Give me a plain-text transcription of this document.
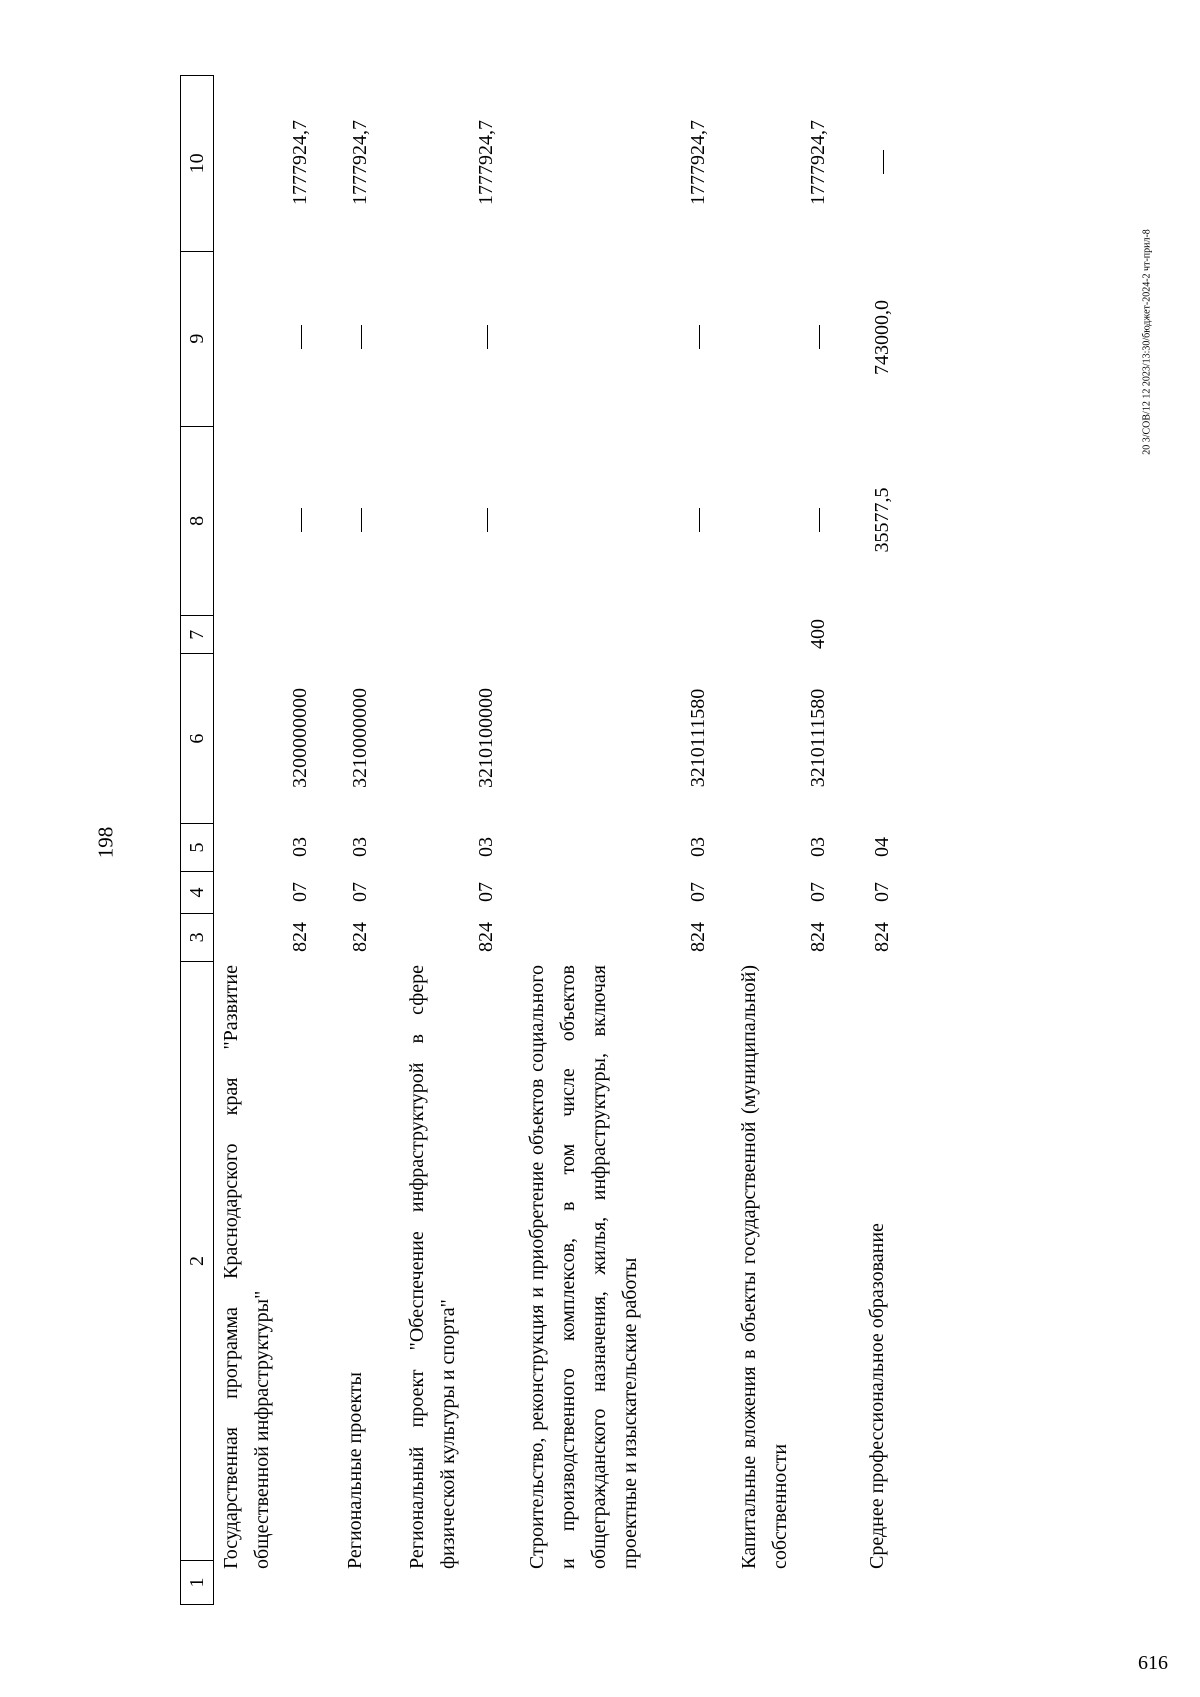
198
616
20 3/СОВ/12 12 2023/13:30/бюджет-2024-2 чт-прил-8
1
2
3
4
5
6
7
8
9
10
Государственная программа Краснодарского края "Развитие общественной инфраструктуры"
824
07
03
3200000000
1777924,7
Региональные проекты
824
07
03
3210000000
1777924,7
Региональный проект "Обеспечение инфраструктурой в сфере физической культуры и спорта"
824
07
03
3210100000
1777924,7
Строительство, реконструкция и приобретение объектов социального и производственного комплексов, в том числе объектов общегражданского назначения, жилья, инфраструктуры, включая проектные и изыскательские работы
824
07
03
3210111580
1777924,7
Капитальные вложения в объекты государственной (муниципальной) собственности
824
07
03
3210111580
400
1777924,7
Среднее профессиональное образование
824
07
04
35577,5
743000,0
